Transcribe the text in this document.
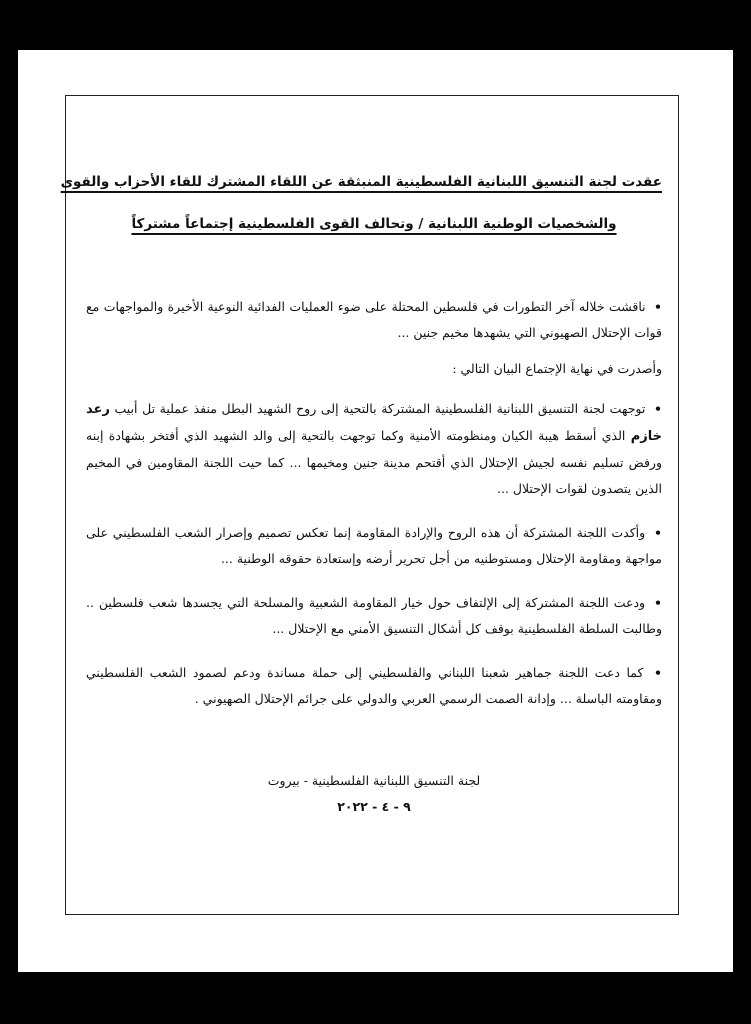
عقدت لجنة التنسيق اللبنانية الفلسطينية المنبثقة عن اللقاء المشترك للقاء الأحزاب والقوى
والشخصيات الوطنية اللبنانية / وتحالف القوى الفلسطينية إجتماعاً مشتركاً
• ناقشت خلاله آخر التطورات في فلسطين المحتلة على ضوء العمليات الفدائية النوعية الأخيرة والمواجهات مع قوات الإحتلال الصهيوني التي يشهدها مخيم جنين ...
وأصدرت في نهاية الإجتماع البيان التالي :
• توجهت لجنة التنسيق اللبنانية الفلسطينية المشتركة بالتحية إلى روح الشهيد البطل منفذ عملية تل أبيب رعد خازم الذي أسقط هيبة الكيان ومنظومته الأمنية وكما توجهت بالتحية إلى والد الشهيد الذي أفتخر بشهادة إبنه ورفض تسليم نفسه لجيش الإحتلال الذي أقتحم مدينة جنين ومخيمها ... كما حيت اللجنة المقاومين في المخيم الذين يتصدون لقوات الإحتلال ...
• وأكدت اللجنة المشتركة أن هذه الروح والإرادة المقاومة إنما تعكس تصميم وإصرار الشعب الفلسطيني على مواجهة ومقاومة الإحتلال ومستوطنيه من أجل تحرير أرضه وإستعادة حقوقه الوطنية ...
• ودعت اللجنة المشتركة إلى الإلتفاف حول خيار المقاومة الشعبية والمسلحة التي يجسدها شعب فلسطين .. وطالبت السلطة الفلسطينية بوقف كل أشكال التنسيق الأمني مع الإحتلال ...
• كما دعت اللجنة جماهير شعبنا اللبناني والفلسطيني إلى حملة مساندة ودعم لصمود الشعب الفلسطيني ومقاومته الباسلة ... وإدانة الصمت الرسمي العربي والدولي على جرائم الإحتلال الصهيوني .
لجنة التنسيق اللبنانية الفلسطينية - بيروت
٩ - ٤ - ٢٠٢٢
